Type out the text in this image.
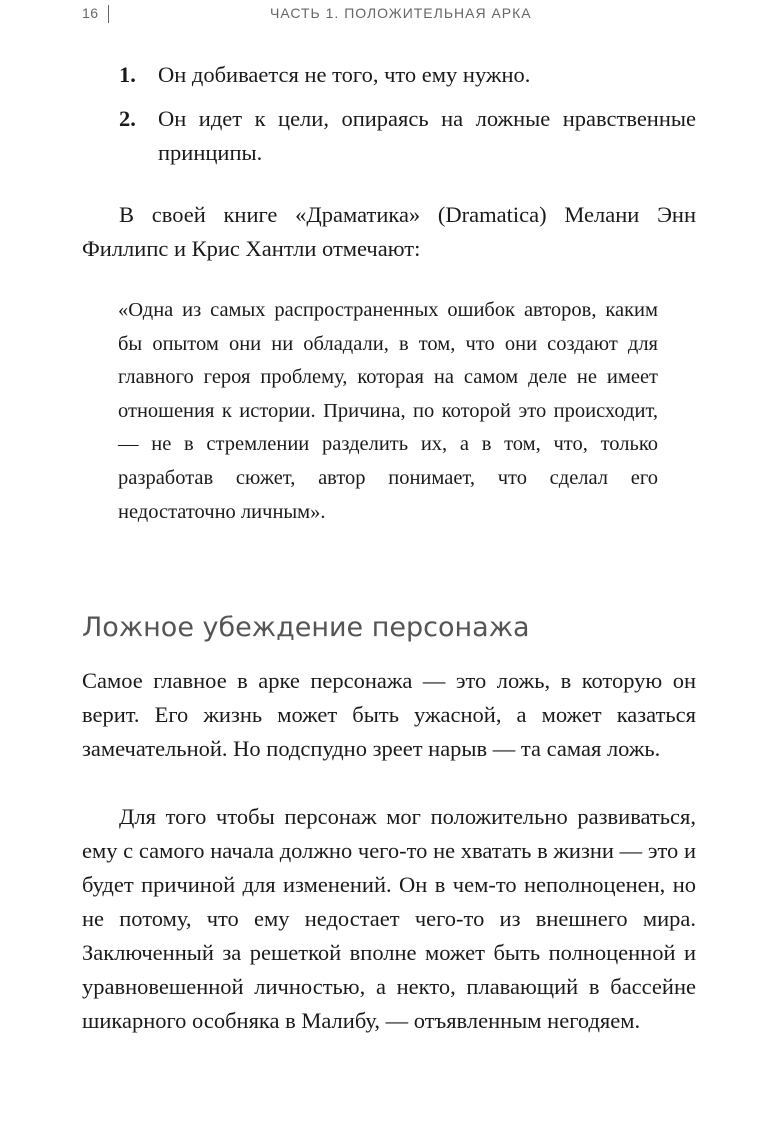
16	ЧАСТЬ 1. ПОЛОЖИТЕЛЬНАЯ АРКА
1. Он добивается не того, что ему нужно.
2. Он идет к цели, опираясь на ложные нравственные принципы.

В своей книге «Драматика» (Dramatica) Мелани Энн Филлипс и Крис Хантли отмечают:

«Одна из самых распространенных ошибок авторов, каким бы опытом они ни обладали, в том, что они создают для главного героя проблему, которая на самом деле не имеет отношения к истории. Причина, по которой это происходит, — не в стремлении разделить их, а в том, что, только разработав сюжет, автор понимает, что сделал его недостаточно личным».

Ложное убеждение персонажа

Самое главное в арке персонажа — это ложь, в которую он верит. Его жизнь может быть ужасной, а может казаться замечательной. Но подспудно зреет нарыв — та самая ложь.

Для того чтобы персонаж мог положительно развиваться, ему с самого начала должно чего-то не хватать в жизни — это и будет причиной для изменений. Он в чем-то неполноценен, но не потому, что ему недостает чего-то из внешнего мира. Заключенный за решеткой вполне может быть полноценной и уравновешенной личностью, а некто, плавающий в бассейне шикарного особняка в Малибу, — отъявленным негодяем.
